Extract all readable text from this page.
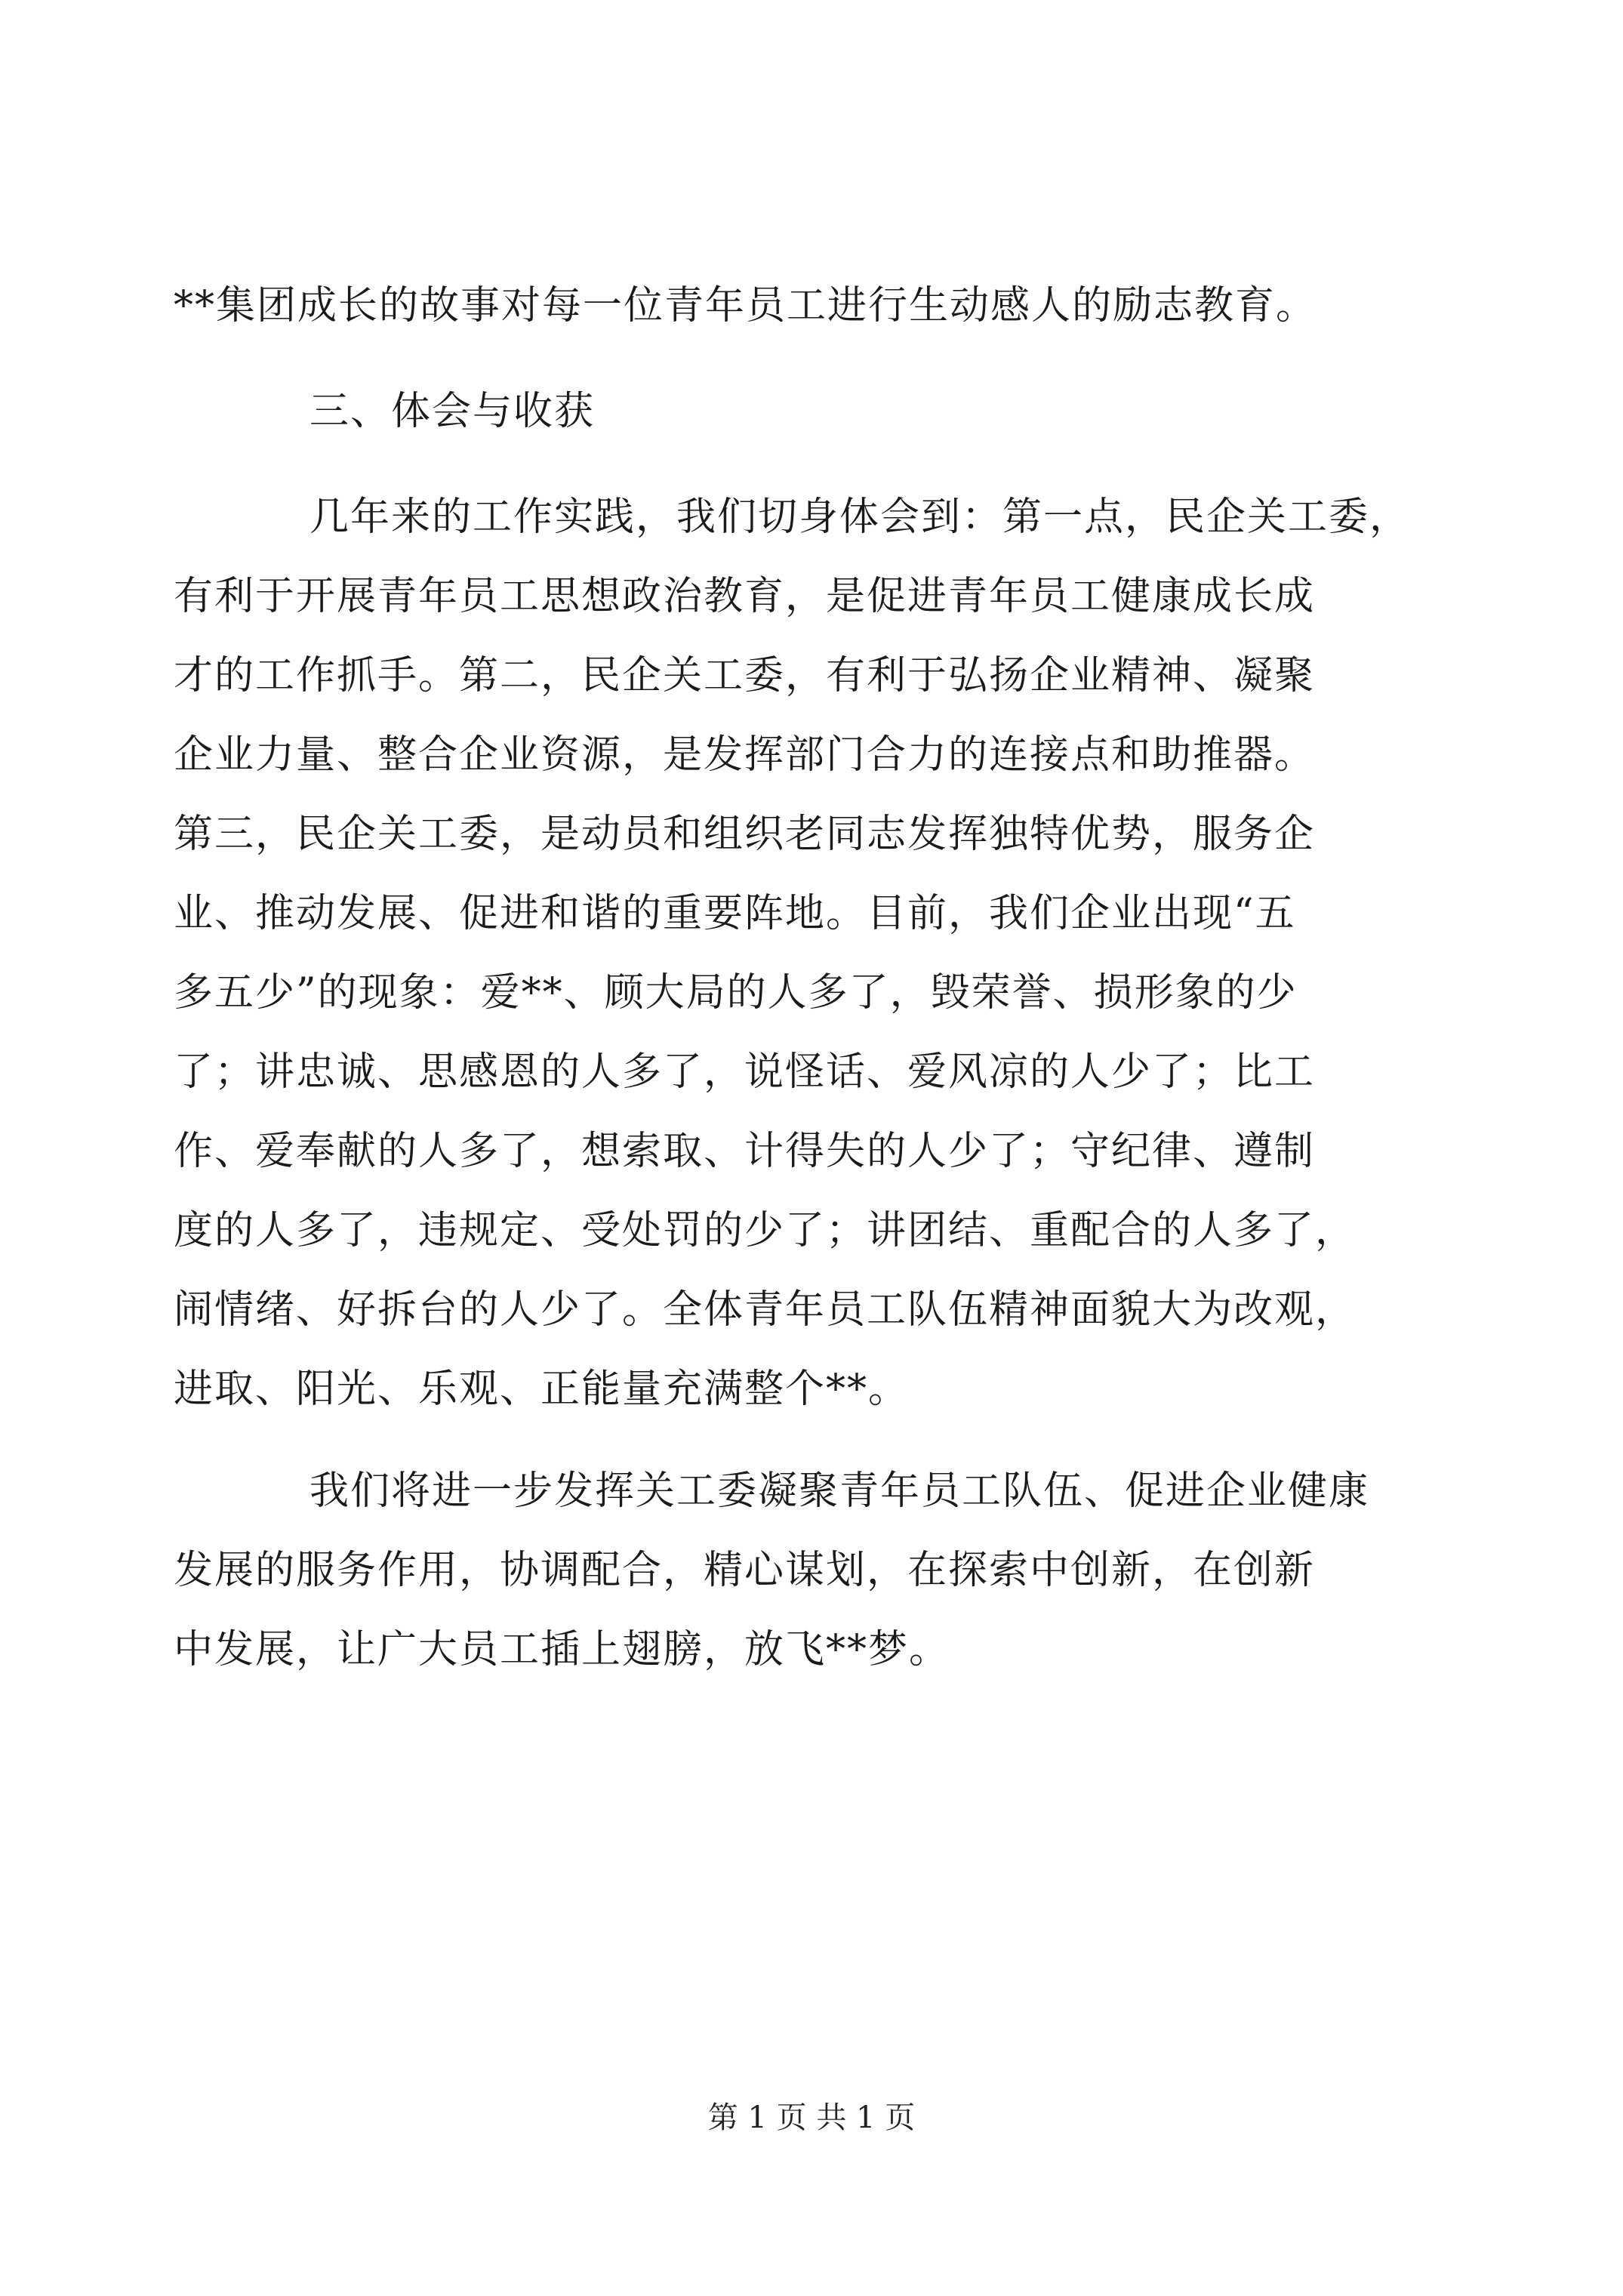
**集团成长的故事对每一位青年员工进行生动感人的励志教育。

三、体会与收获

几年来的工作实践，我们切身体会到：第一点，民企关工委，

有利于开展青年员工思想政治教育，是促进青年员工健康成长成

才的工作抓手。第二，民企关工委，有利于弘扬企业精神、凝聚

企业力量、整合企业资源，是发挥部门合力的连接点和助推器。

第三，民企关工委，是动员和组织老同志发挥独特优势，服务企

业、推动发展、促进和谐的重要阵地。目前，我们企业出现“五

多五少”的现象：爱**、顾大局的人多了，毁荣誉、损形象的少

了；讲忠诚、思感恩的人多了，说怪话、爱风凉的人少了；比工

作、爱奉献的人多了，想索取、计得失的人少了；守纪律、遵制

度的人多了，违规定、受处罚的少了；讲团结、重配合的人多了，

闹情绪、好拆台的人少了。全体青年员工队伍精神面貌大为改观，

进取、阳光、乐观、正能量充满整个**。

我们将进一步发挥关工委凝聚青年员工队伍、促进企业健康

发展的服务作用，协调配合，精心谋划，在探索中创新，在创新

中发展，让广大员工插上翅膀，放飞**梦。

第 1 页 共 1 页
